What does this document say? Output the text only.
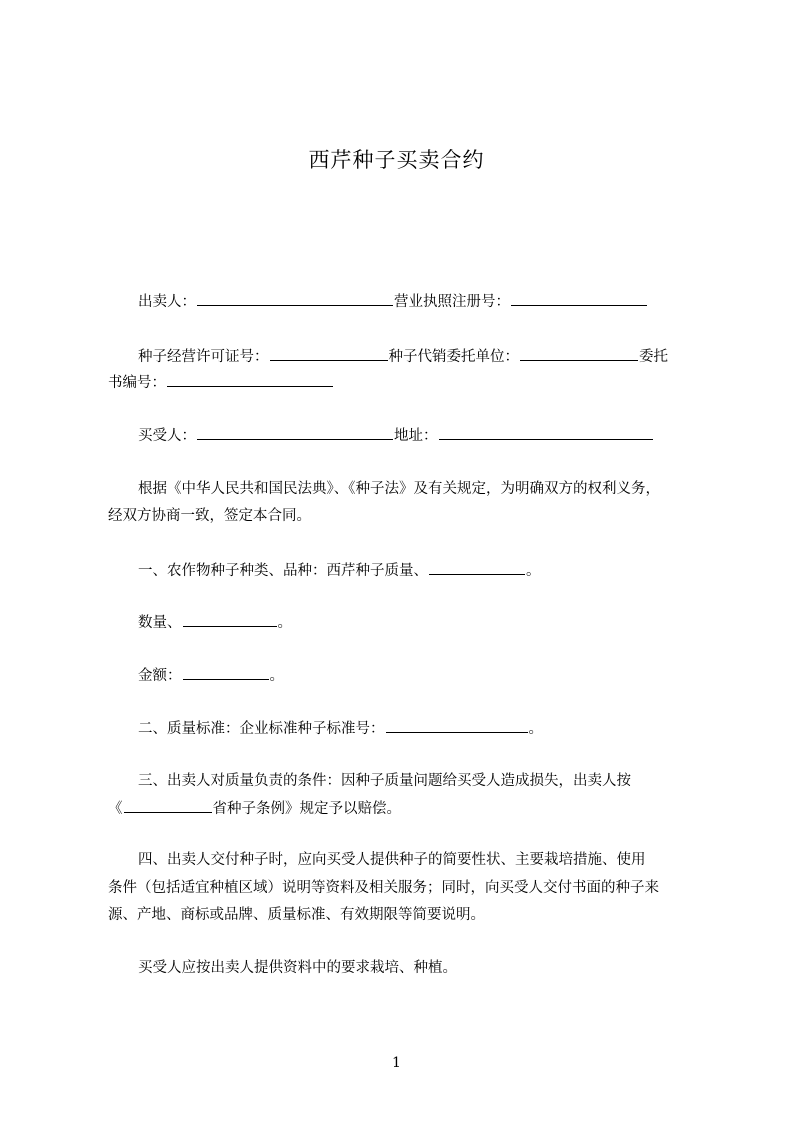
西芹种子买卖合约
出卖人：	营业执照注册号：
种子经营许可证号：	种子代销委托单位：	委托
书编号：
买受人：	地址：
根据《中华人民共和国民法典》、《种子法》及有关规定，为明确双方的权利义务，
经双方协商一致，签定本合同。
一、农作物种子种类、品种：西芹种子质量、	。
数量、	。
金额：	。
二、质量标准：企业标准种子标准号：	。
三、出卖人对质量负责的条件：因种子质量问题给买受人造成损失，出卖人按
《	省种子条例》规定予以赔偿。
四、出卖人交付种子时，应向买受人提供种子的简要性状、主要栽培措施、使用
条件（包括适宜种植区域）说明等资料及相关服务；同时，向买受人交付书面的种子来
源、产地、商标或品牌、质量标准、有效期限等简要说明。
买受人应按出卖人提供资料中的要求栽培、种植。
1
